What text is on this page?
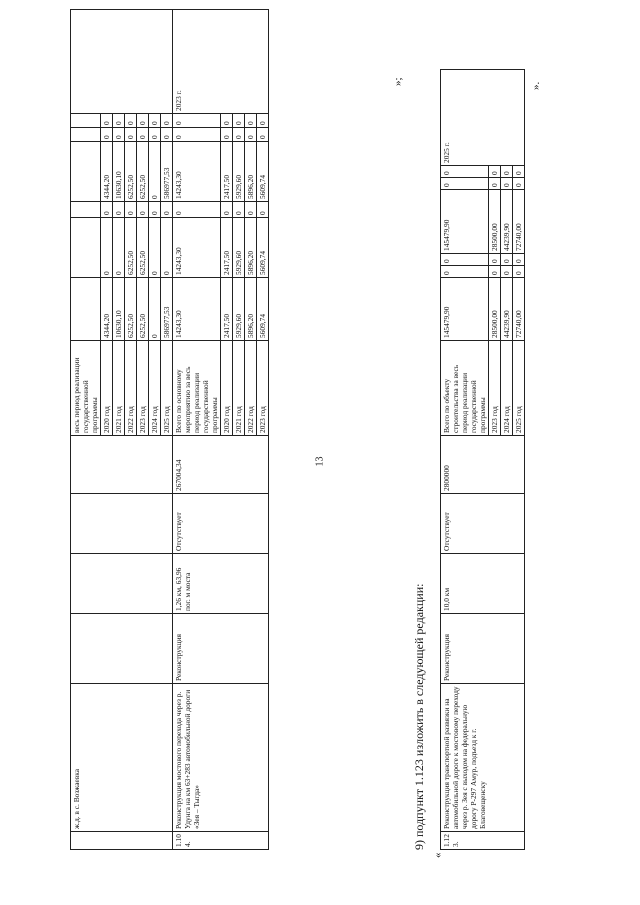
13
	ж.д. в с. Возжаевка					весь период реализации государственной программы							
						2020 год	4344,20	0	0	4344,20	0	0	
						2021 год	10630,10	0	0	10630,10	0	0	
						2022 год	6252,50	6252,50	0	6252,50	0	0	
						2023 год	6252,50	6252,50	0	6252,50	0	0	
						2024 год	0	0	0	0	0	0	
						2025 год	586977,53	0	0	586977,53	0	0	
1.104.	Реконструкция мостового перехода через р. Удунга на км 63+283 автомобильной дороги «Зея – Тыгда»	Реконструкция	1,26 км, 63,96 пог. м мостa	Отсутствует	267004,34	Всего по основному мероприятию за весь период реализации государственной программы	14243,30	14243,30	0	14243,30	0	0	2023 г.
						2020 год	2417,50	2417,50	0	2417,50	0	0	
						2021 год	5929,60	5929,60	0	5929,60	0	0	
						2022 год	5896,20	5896,20	0	5896,20	0	0	
						2023 год	5609,74	5609,74	0	5609,74	0	0	
»;
9) подпункт 1.123 изложить в следующей редакции:
«
1.123.	Реконструкция транспортной развязки на автомобильной дороге к мостовому переходу через р. Зея с выходом на федеральную дорогу Р-297 Амур, подъезд к г. Благовещенску	Реконструкция	10,0 км	Отсутствует	2800000	Всего по объекту строительства за весь период реализации государственной программы	145479,90	0	0	145479,90	0	0	2025 г.
						2023 год	28500,00	0	0	28500,00	0	0	
						2024 год	44239,90	0	0	44239,90	0	0	
						2025 год	72740,00	0	0	72740,00	0	0	
».
